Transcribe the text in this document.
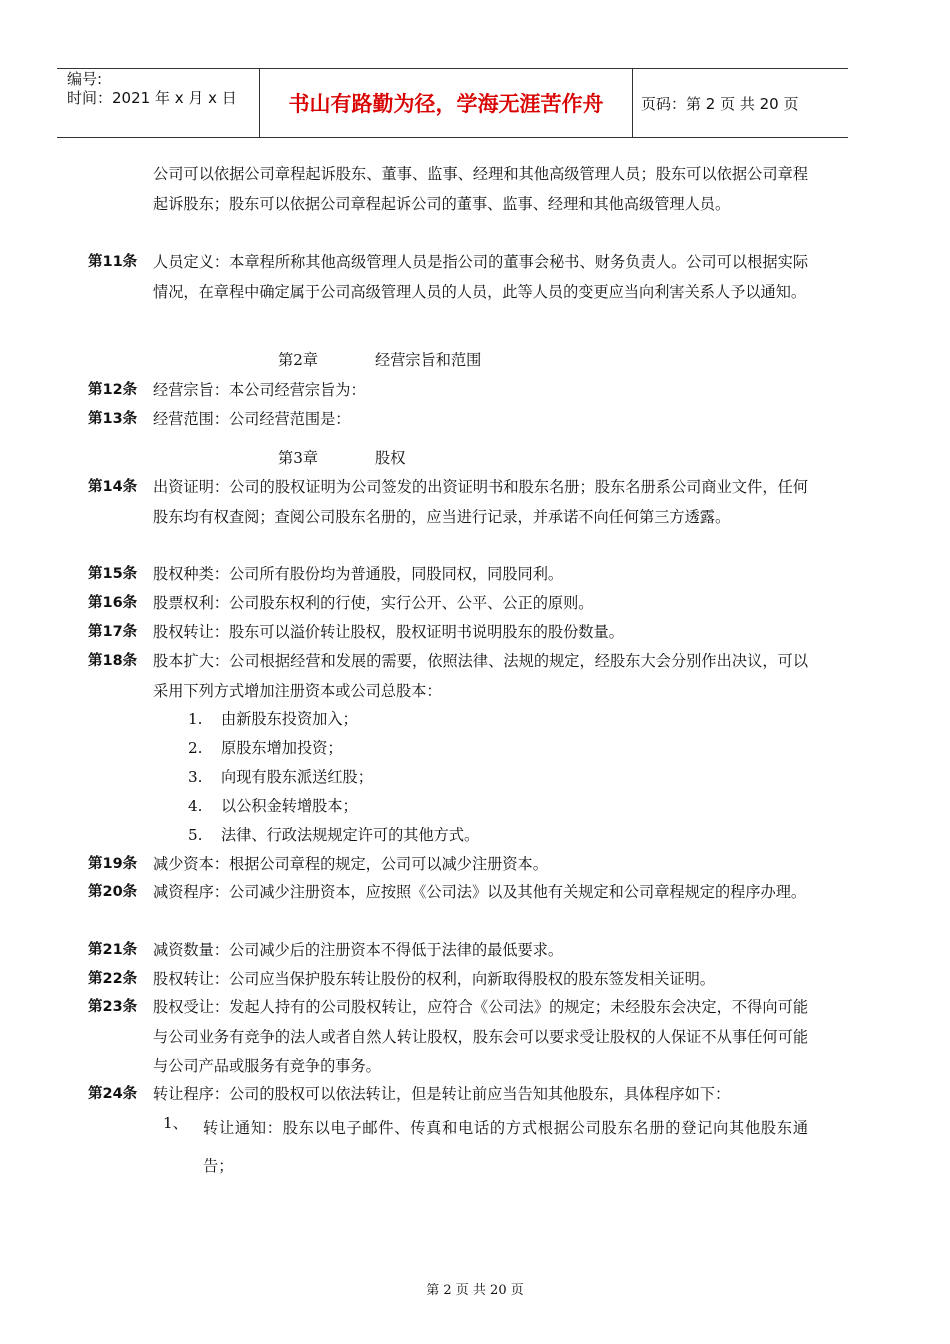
编号:
时间：2021 年 x 月 x 日	书山有路勤为径，学海无涯苦作舟	页码：第 2 页 共 20 页
公司可以依据公司章程起诉股东、董事、监事、经理和其他高级管理人员；股东可以依据公司章程起诉股东；股东可以依据公司章程起诉公司的董事、监事、经理和其他高级管理人员。
第11条 人员定义：本章程所称其他高级管理人员是指公司的董事会秘书、财务负责人。公司可以根据实际情况，在章程中确定属于公司高级管理人员的人员，此等人员的变更应当向利害关系人予以通知。
第2章	经营宗旨和范围
第12条 经营宗旨：本公司经营宗旨为：
第13条 经营范围：公司经营范围是：
第3章	股权
第14条 出资证明：公司的股权证明为公司签发的出资证明书和股东名册；股东名册系公司商业文件，任何股东均有权查阅；查阅公司股东名册的，应当进行记录，并承诺不向任何第三方透露。
第15条 股权种类：公司所有股份均为普通股，同股同权，同股同利。
第16条 股票权利：公司股东权利的行使，实行公开、公平、公正的原则。
第17条 股权转让：股东可以溢价转让股权，股权证明书说明股东的股份数量。
第18条 股本扩大：公司根据经营和发展的需要，依照法律、法规的规定，经股东大会分别作出决议，可以采用下列方式增加注册资本或公司总股本：
1. 由新股东投资加入；
2. 原股东增加投资；
3. 向现有股东派送红股；
4. 以公积金转增股本；
5. 法律、行政法规规定许可的其他方式。
第19条 减少资本：根据公司章程的规定，公司可以减少注册资本。
第20条 减资程序：公司减少注册资本，应按照《公司法》以及其他有关规定和公司章程规定的程序办理。
第21条 减资数量：公司减少后的注册资本不得低于法律的最低要求。
第22条 股权转让：公司应当保护股东转让股份的权利，向新取得股权的股东签发相关证明。
第23条 股权受让：发起人持有的公司股权转让，应符合《公司法》的规定；未经股东会决定，不得向可能与公司业务有竞争的法人或者自然人转让股权，股东会可以要求受让股权的人保证不从事任何可能与公司产品或服务有竞争的事务。
第24条 转让程序：公司的股权可以依法转让，但是转让前应当告知其他股东，具体程序如下：
1、 转让通知：股东以电子邮件、传真和电话的方式根据公司股东名册的登记向其他股东通告；
第 2 页 共 20 页
